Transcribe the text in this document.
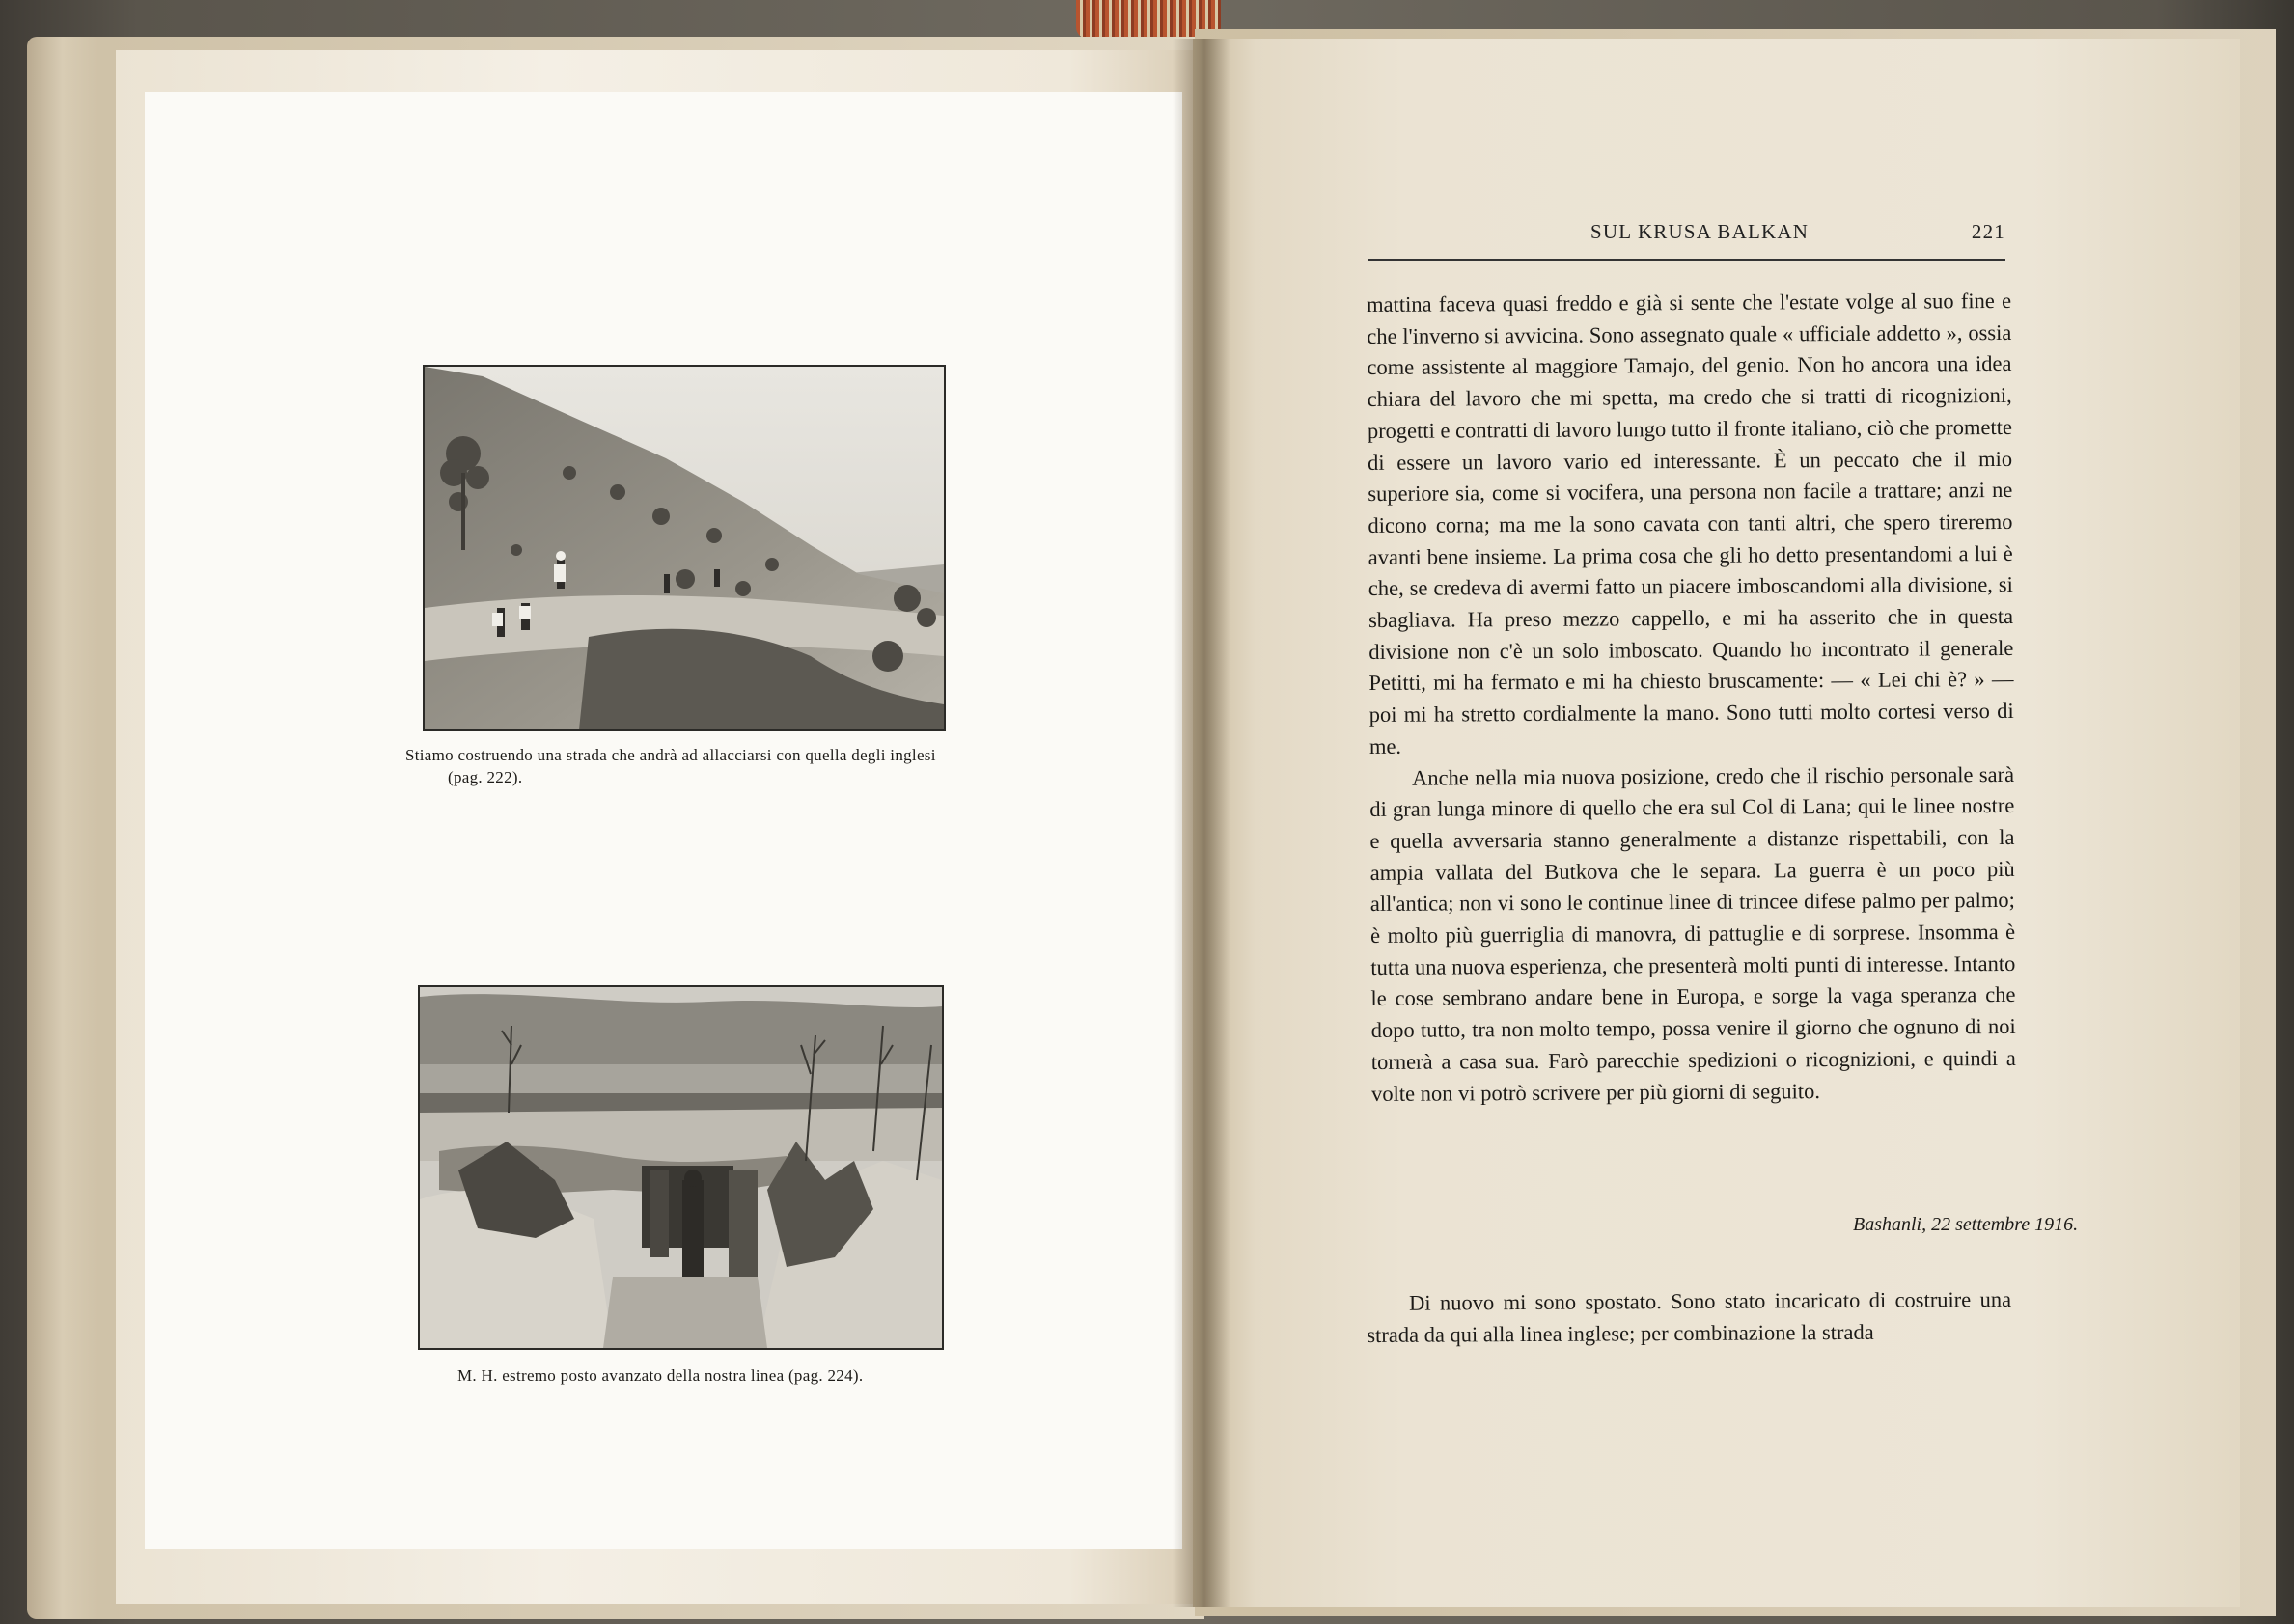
Stiamo costruendo una strada che andrà ad allacciarsi con quella degli inglesi
(pag. 222).
M. H. estremo posto avanzato della nostra linea (pag. 224).
SUL KRUSA BALKAN	221

mattina faceva quasi freddo e già si sente che l'estate volge al suo fine e che l'inverno si avvicina. Sono assegnato quale « ufficiale addetto », ossia come assistente al maggiore Tamajo, del genio. Non ho ancora una idea chiara del lavoro che mi spetta, ma credo che si tratti di ricognizioni, progetti e contratti di lavoro lungo tutto il fronte italiano, ciò che promette di essere un lavoro vario ed interessante. È un peccato che il mio superiore sia, come si vocifera, una persona non facile a trattare; anzi ne dicono corna; ma me la sono cavata con tanti altri, che spero tireremo avanti bene insieme. La prima cosa che gli ho detto presentandomi a lui è che, se credeva di avermi fatto un piacere imboscandomi alla divisione, si sbagliava. Ha preso mezzo cappello, e mi ha asserito che in questa divisione non c'è un solo imboscato. Quando ho incontrato il generale Petitti, mi ha fermato e mi ha chiesto bruscamente: — « Lei chi è? » — poi mi ha stretto cordialmente la mano. Sono tutti molto cortesi verso di me.

Anche nella mia nuova posizione, credo che il rischio personale sarà di gran lunga minore di quello che era sul Col di Lana; qui le linee nostre e quella avversaria stanno generalmente a distanze rispettabili, con la ampia vallata del Butkova che le separa. La guerra è un poco più all'antica; non vi sono le continue linee di trincee difese palmo per palmo; è molto più guerriglia di manovra, di pattuglie e di sorprese. Insomma è tutta una nuova esperienza, che presenterà molti punti di interesse. Intanto le cose sembrano andare bene in Europa, e sorge la vaga speranza che dopo tutto, tra non molto tempo, possa venire il giorno che ognuno di noi tornerà a casa sua. Farò parecchie spedizioni o ricognizioni, e quindi a volte non vi potrò scrivere per più giorni di seguito.

Bashanli, 22 settembre 1916.

Di nuovo mi sono spostato. Sono stato incaricato di costruire una strada da qui alla linea inglese; per combinazione la strada
